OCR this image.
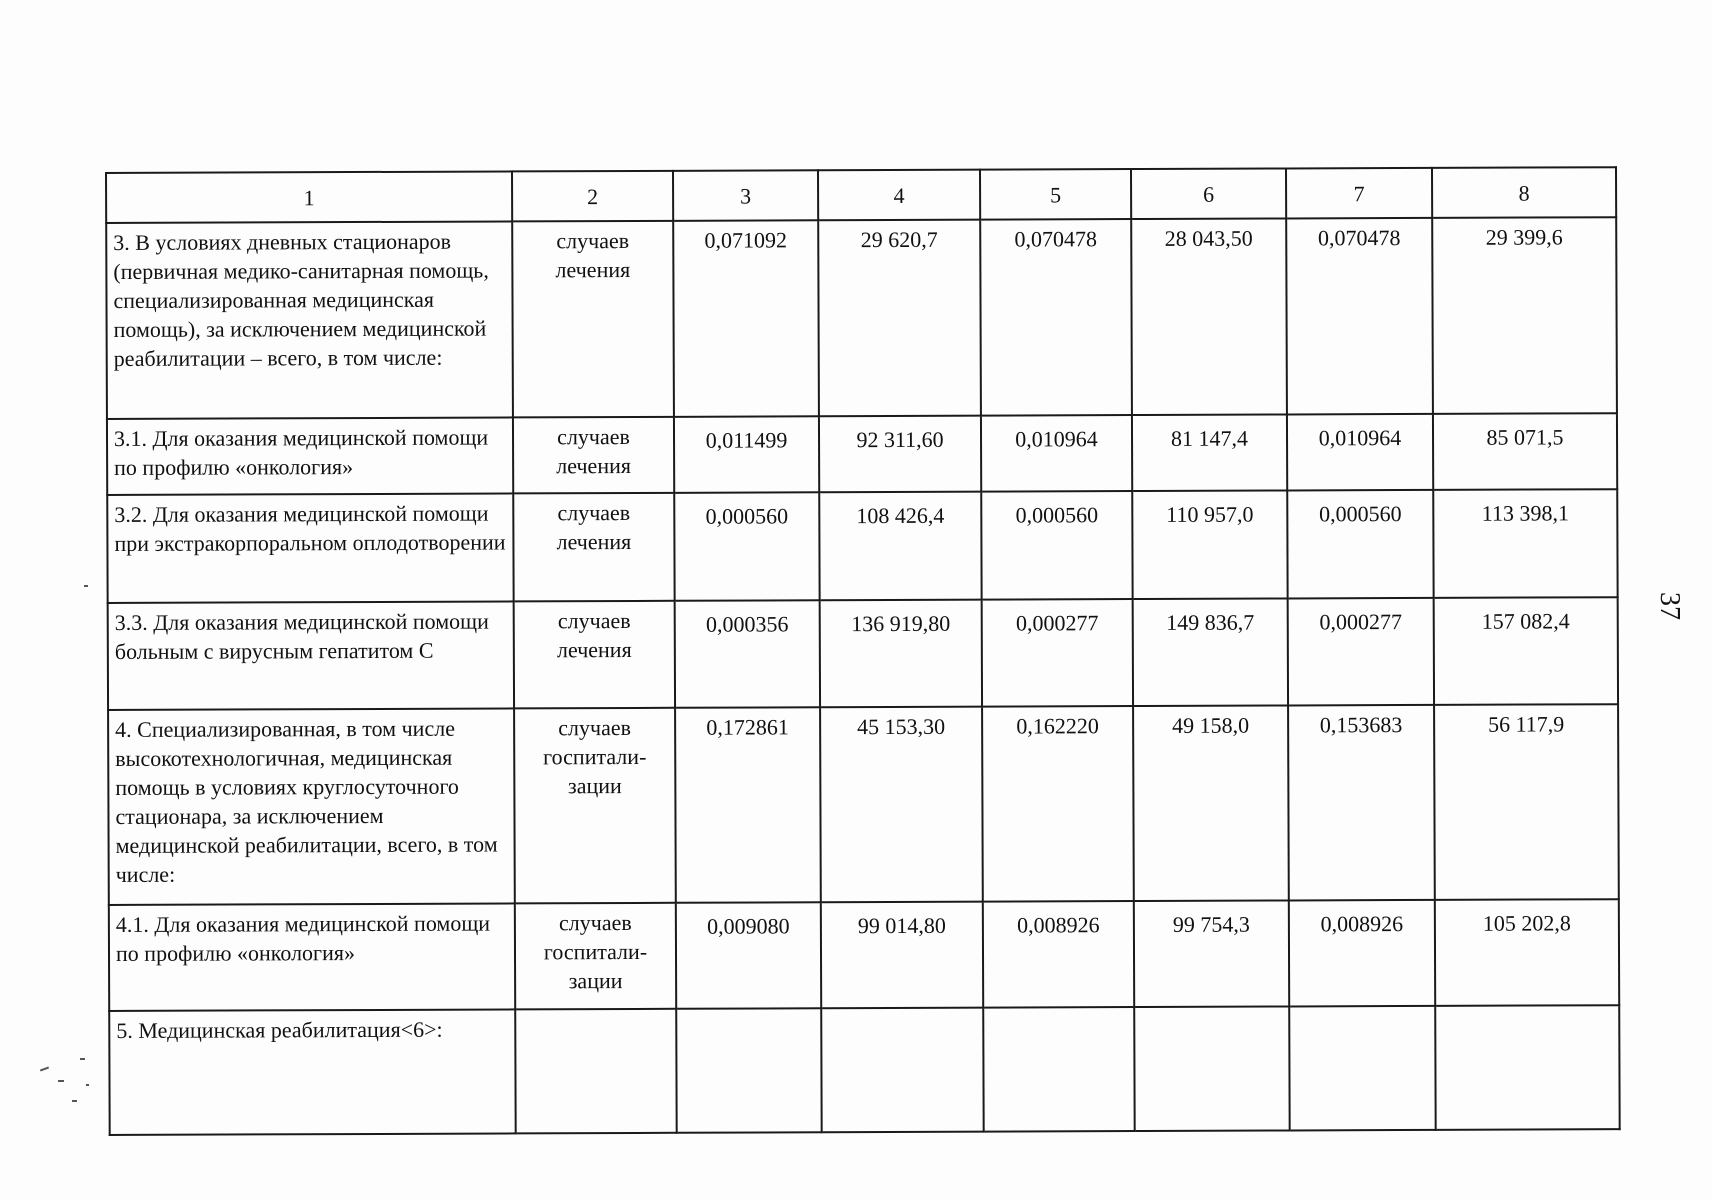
1	2	3	4	5	6	7	8
3. В условиях дневных стационаров (первичная медико-санитарная помощь, специализированная медицинская помощь), за исключением медицинской реабилитации – всего, в том числе:	случаев лечения	0,071092	29 620,7	0,070478	28 043,50	0,070478	29 399,6
3.1. Для оказания медицинской помощи по профилю «онкология»	случаев лечения	0,011499	92 311,60	0,010964	81 147,4	0,010964	85 071,5
3.2. Для оказания медицинской помощи при экстракорпоральном оплодотворении	случаев лечения	0,000560	108 426,4	0,000560	110 957,0	0,000560	113 398,1
3.3. Для оказания медицинской помощи больным с вирусным гепатитом С	случаев лечения	0,000356	136 919,80	0,000277	149 836,7	0,000277	157 082,4
4. Специализированная, в том числе высокотехнологичная, медицинская помощь в условиях круглосуточного стационара, за исключением медицинской реабилитации, всего, в том числе:	случаев госпитали-зации	0,172861	45 153,30	0,162220	49 158,0	0,153683	56 117,9
4.1. Для оказания медицинской помощи по профилю «онкология»	случаев госпитали-зации	0,009080	99 014,80	0,008926	99 754,3	0,008926	105 202,8
5. Медицинская реабилитация<6>:							
37
